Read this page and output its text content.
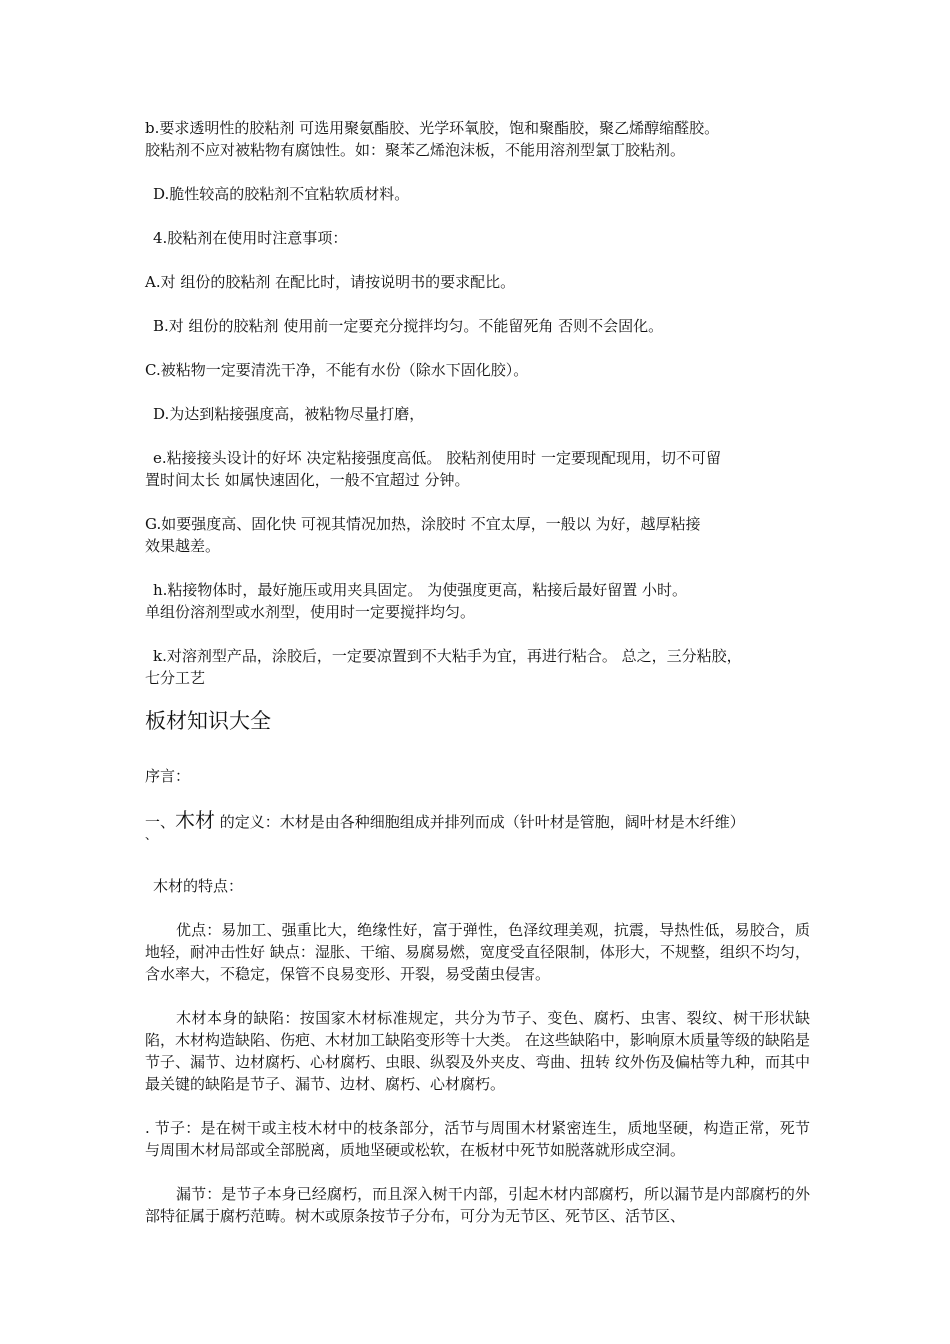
b.要求透明性的胶粘剂 可选用聚氨酯胶、光学环氧胶，饱和聚酯胶，聚乙烯醇缩醛胶。
胶粘剂不应对被粘物有腐蚀性。如：聚苯乙烯泡沫板，不能用溶剂型氯丁胶粘剂。
D.脆性较高的胶粘剂不宜粘软质材料。
4.胶粘剂在使用时注意事项：
A.对 组份的胶粘剂 在配比时，请按说明书的要求配比。
B.对 组份的胶粘剂 使用前一定要充分搅拌均匀。不能留死角 否则不会固化。
C.被粘物一定要清洗干净，不能有水份（除水下固化胶）。
D.为达到粘接强度高，被粘物尽量打磨，
e.粘接接头设计的好坏 决定粘接强度高低。 胶粘剂使用时 一定要现配现用，切不可留
置时间太长 如属快速固化，一般不宜超过 分钟。
G.如要强度高、固化快 可视其情况加热，涂胶时 不宜太厚，一般以 为好，越厚粘接
效果越差。
h.粘接物体时，最好施压或用夹具固定。 为使强度更高，粘接后最好留置 小时。
单组份溶剂型或水剂型，使用时一定要搅拌均匀。
k.对溶剂型产品，涂胶后，一定要凉置到不大粘手为宜，再进行粘合。 总之，三分粘胶，
七分工艺
板材知识大全
序言：
一、木材 的定义：木材是由各种细胞组成并排列而成（针叶材是管胞，阔叶材是木纤维）
、
木材的特点：
优点：易加工、强重比大，绝缘性好，富于弹性，色泽纹理美观，抗震，导热性低，易胶合，质地轻，耐冲击性好 缺点：湿胀、干缩、易腐易燃，宽度受直径限制，体形大，不规整，组织不均匀，含水率大，不稳定，保管不良易变形、开裂，易受菌虫侵害。
木材本身的缺陷：按国家木材标准规定，共分为节子、变色、腐朽、虫害、裂纹、树干形状缺陷，木材构造缺陷、伤疤、木材加工缺陷变形等十大类。 在这些缺陷中，影响原木质量等级的缺陷是节子、漏节、边材腐朽、心材腐朽、虫眼、纵裂及外夹皮、弯曲、扭转 纹外伤及偏枯等九种，而其中最关键的缺陷是节子、漏节、边材、腐朽、心材腐朽。
. 节子：是在树干或主枝木材中的枝条部分，活节与周围木材紧密连生，质地坚硬，构造正常，死节与周围木材局部或全部脱离，质地坚硬或松软，在板材中死节如脱落就形成空洞。
漏节：是节子本身已经腐朽，而且深入树干内部，引起木材内部腐朽，所以漏节是内部腐朽的外部特征属于腐朽范畴。树木或原条按节子分布，可分为无节区、死节区、活节区、
